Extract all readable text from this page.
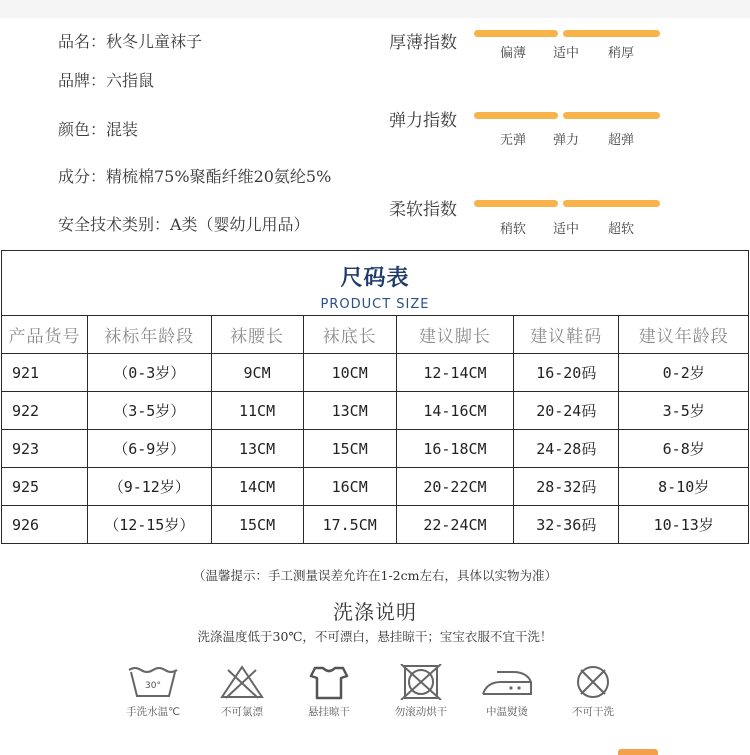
品名：秋冬儿童袜子
品牌：六指鼠
颜色：混装
成分：精梳棉75%聚酯纤维20氨纶5%
安全技术类别：A类（婴幼儿用品）
厚薄指数
偏薄	适中	稍厚
弹力指数
无弹	弹力	超弹
柔软指数
稍软	适中	超软
尺码表
PRODUCT SIZE
产品货号	袜标年龄段	袜腰长	袜底长	建议脚长	建议鞋码	建议年龄段
921	（0-3岁）	9CM	10CM	12-14CM	16-20码	0-2岁
922	（3-5岁）	11CM	13CM	14-16CM	20-24码	3-5岁
923	（6-9岁）	13CM	15CM	16-18CM	24-28码	6-8岁
925	（9-12岁）	14CM	16CM	20-22CM	28-32码	8-10岁
926	（12-15岁）	15CM	17.5CM	22-24CM	32-36码	10-13岁
（温馨提示：手工测量误差允许在1-2cm左右，具体以实物为准）
洗涤说明
洗涤温度低于30℃，不可漂白，悬挂晾干；宝宝衣服不宜干洗！
30°
手洗水温℃	不可氯漂	悬挂晾干	勿滚动烘干	中温熨烫	不可干洗
